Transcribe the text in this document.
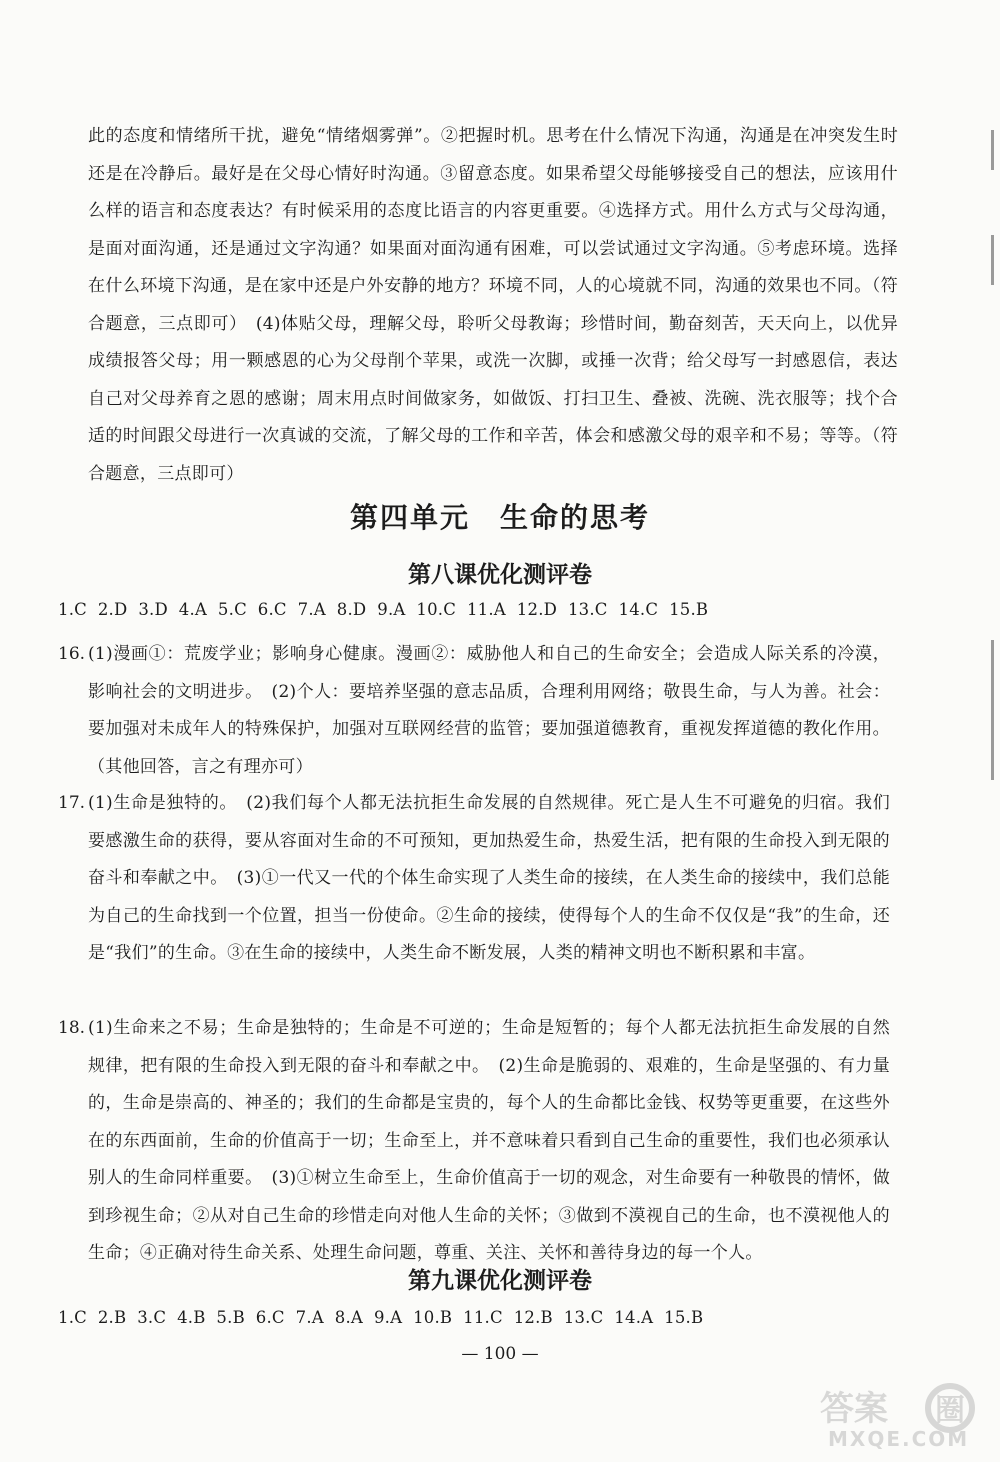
此的态度和情绪所干扰，避免“情绪烟雾弹”。②把握时机。思考在什么情况下沟通，沟通是在冲突发生时还是在冷静后。最好是在父母心情好时沟通。③留意态度。如果希望父母能够接受自己的想法，应该用什么样的语言和态度表达？有时候采用的态度比语言的内容更重要。④选择方式。用什么方式与父母沟通，是面对面沟通，还是通过文字沟通？如果面对面沟通有困难，可以尝试通过文字沟通。⑤考虑环境。选择在什么环境下沟通，是在家中还是户外安静的地方？环境不同，人的心境就不同，沟通的效果也不同。（符合题意，三点即可）　(4)体贴父母，理解父母，聆听父母教诲；珍惜时间，勤奋刻苦，天天向上，以优异成绩报答父母；用一颗感恩的心为父母削个苹果，或洗一次脚，或捶一次背；给父母写一封感恩信，表达自己对父母养育之恩的感谢；周末用点时间做家务，如做饭、打扫卫生、叠被、洗碗、洗衣服等；找个合适的时间跟父母进行一次真诚的交流，了解父母的工作和辛苦，体会和感激父母的艰辛和不易；等等。（符合题意，三点即可）
第四单元　生命的思考
第八课优化测评卷
1.C  2.D  3.D  4.A  5.C  6.C  7.A  8.D  9.A  10.C  11.A  12.D  13.C  14.C  15.B
16. (1)漫画①：荒废学业；影响身心健康。漫画②：威胁他人和自己的生命安全；会造成人际关系的冷漠，影响社会的文明进步。　(2)个人：要培养坚强的意志品质，合理利用网络；敬畏生命，与人为善。社会：要加强对未成年人的特殊保护，加强对互联网经营的监管；要加强道德教育，重视发挥道德的教化作用。（其他回答，言之有理亦可）
17. (1)生命是独特的。　(2)我们每个人都无法抗拒生命发展的自然规律。死亡是人生不可避免的归宿。我们要感激生命的获得，要从容面对生命的不可预知，更加热爱生命，热爱生活，把有限的生命投入到无限的奋斗和奉献之中。　(3)①一代又一代的个体生命实现了人类生命的接续，在人类生命的接续中，我们总能为自己的生命找到一个位置，担当一份使命。②生命的接续，使得每个人的生命不仅仅是“我”的生命，还是“我们”的生命。③在生命的接续中，人类生命不断发展，人类的精神文明也不断积累和丰富。
18. (1)生命来之不易；生命是独特的；生命是不可逆的；生命是短暂的；每个人都无法抗拒生命发展的自然规律，把有限的生命投入到无限的奋斗和奉献之中。　(2)生命是脆弱的、艰难的，生命是坚强的、有力量的，生命是崇高的、神圣的；我们的生命都是宝贵的，每个人的生命都比金钱、权势等更重要，在这些外在的东西面前，生命的价值高于一切；生命至上，并不意味着只看到自己生命的重要性，我们也必须承认别人的生命同样重要。　(3)①树立生命至上，生命价值高于一切的观念，对生命要有一种敬畏的情怀，做到珍视生命；②从对自己生命的珍惜走向对他人生命的关怀；③做到不漠视自己的生命，也不漠视他人的生命；④正确对待生命关系、处理生命问题，尊重、关注、关怀和善待身边的每一个人。
第九课优化测评卷
1.C  2.B  3.C  4.B  5.B  6.C  7.A  8.A  9.A  10.B  11.C  12.B  13.C  14.A  15.B
— 100 —
答案 圈
MXQE.COM
